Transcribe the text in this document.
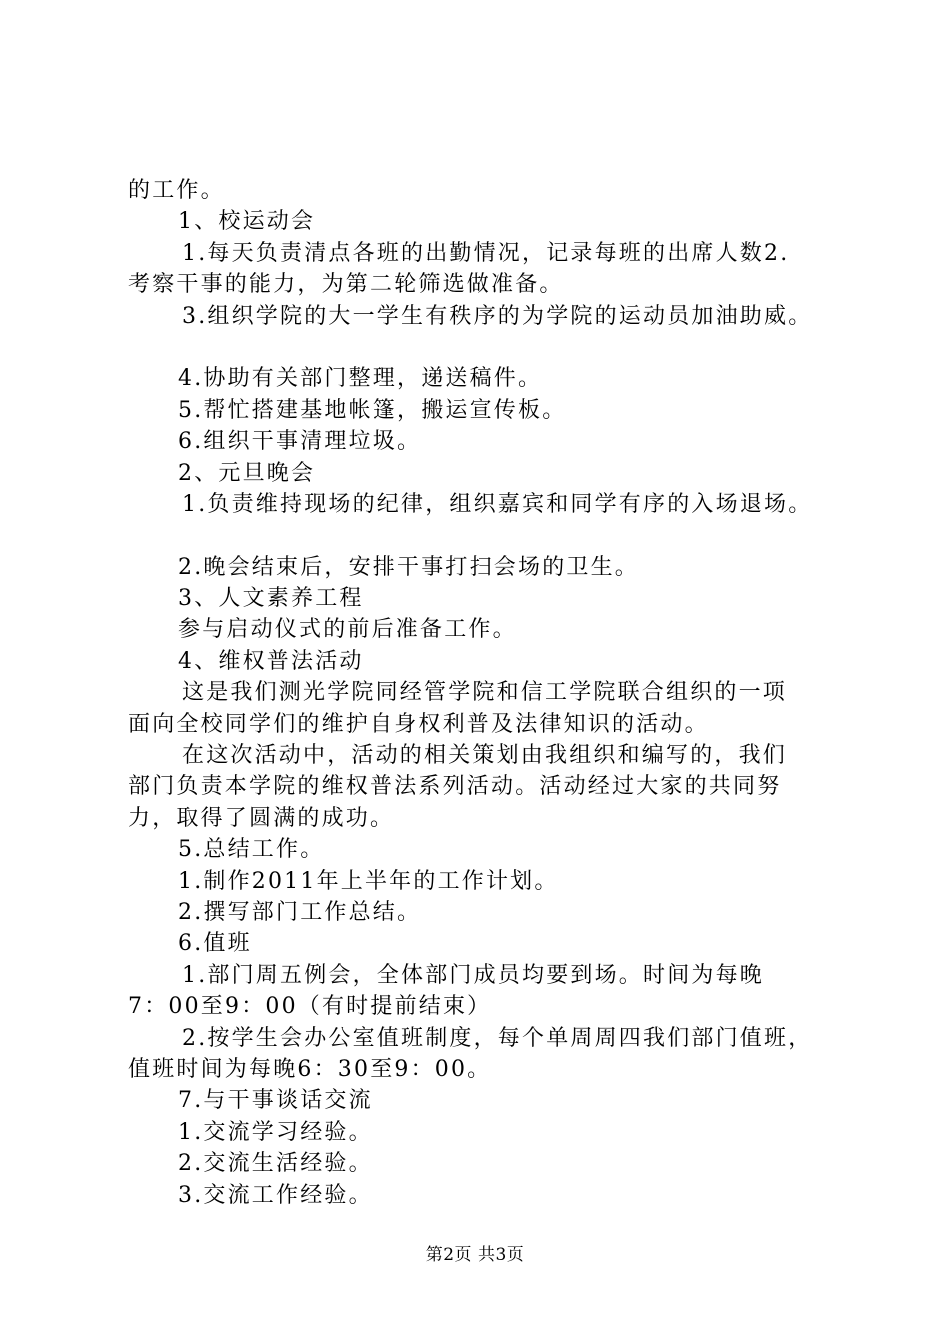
的工作。
1、校运动会
1.每天负责清点各班的出勤情况，记录每班的出席人数2.
考察干事的能力，为第二轮筛选做准备。
3.组织学院的大一学生有秩序的为学院的运动员加油助威。
4.协助有关部门整理，递送稿件。
5.帮忙搭建基地帐篷，搬运宣传板。
6.组织干事清理垃圾。
2、元旦晚会
1.负责维持现场的纪律，组织嘉宾和同学有序的入场退场。
2.晚会结束后，安排干事打扫会场的卫生。
3、人文素养工程
参与启动仪式的前后准备工作。
4、维权普法活动
这是我们测光学院同经管学院和信工学院联合组织的一项
面向全校同学们的维护自身权利普及法律知识的活动。
在这次活动中，活动的相关策划由我组织和编写的，我们
部门负责本学院的维权普法系列活动。活动经过大家的共同努
力，取得了圆满的成功。
5.总结工作。
1.制作2011年上半年的工作计划。
2.撰写部门工作总结。
6.值班
1.部门周五例会，全体部门成员均要到场。时间为每晚
7：00至9：00（有时提前结束）
2.按学生会办公室值班制度，每个单周周四我们部门值班，
值班时间为每晚6：30至9：00。
7.与干事谈话交流
1.交流学习经验。
2.交流生活经验。
3.交流工作经验。
第2页 共3页
